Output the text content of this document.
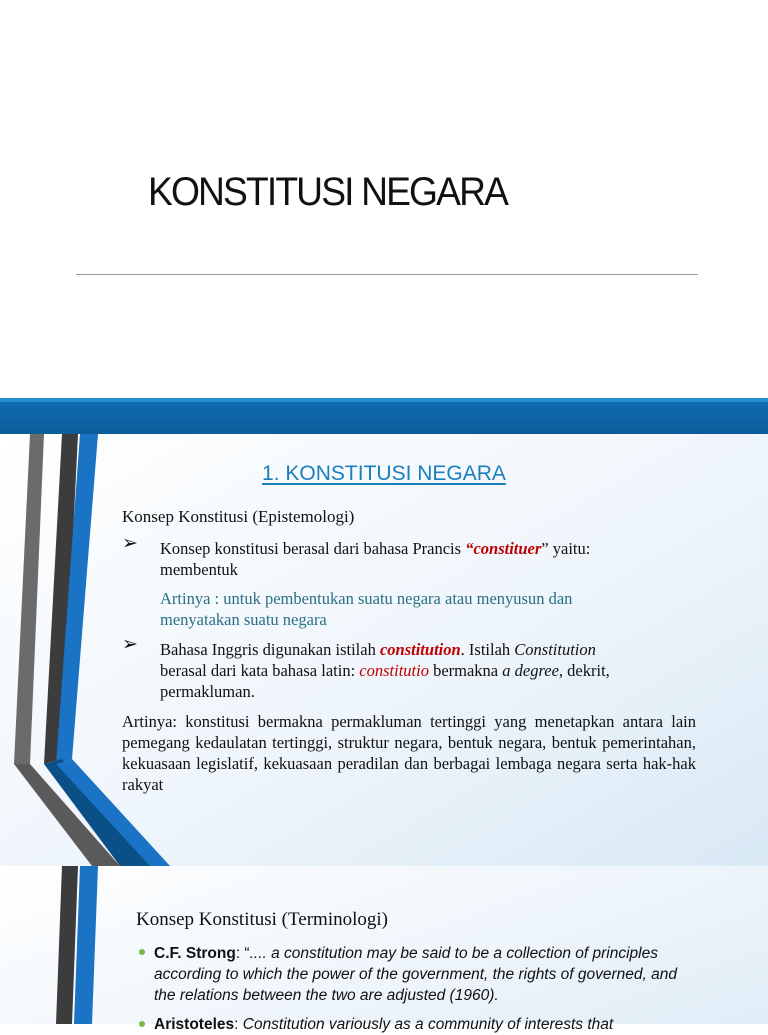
KONSTITUSI NEGARA
1. KONSTITUSI NEGARA
Konsep Konstitusi (Epistemologi)
➢ Konsep konstitusi berasal dari bahasa Prancis “constituer” yaitu:
membentuk
Artinya : untuk pembentukan suatu negara atau menyusun dan
menyatakan suatu negara
➢ Bahasa Inggris digunakan istilah constitution. Istilah Constitution
berasal dari kata bahasa latin: constitutio bermakna a degree, dekrit,
permakluman.
Artinya: konstitusi bermakna permakluman tertinggi yang menetapkan antara lain pemegang kedaulatan tertinggi, struktur negara, bentuk negara, bentuk pemerintahan, kekuasaan legislatif, kekuasaan peradilan dan berbagai lembaga negara serta hak-hak rakyat
Konsep Konstitusi (Terminologi)
C.F. Strong: “.... a constitution may be said to be a collection of principles according to which the power of the government, the rights of governed, and the relations between the two are adjusted (1960).
Aristoteles: Constitution variously as a community of interests that
